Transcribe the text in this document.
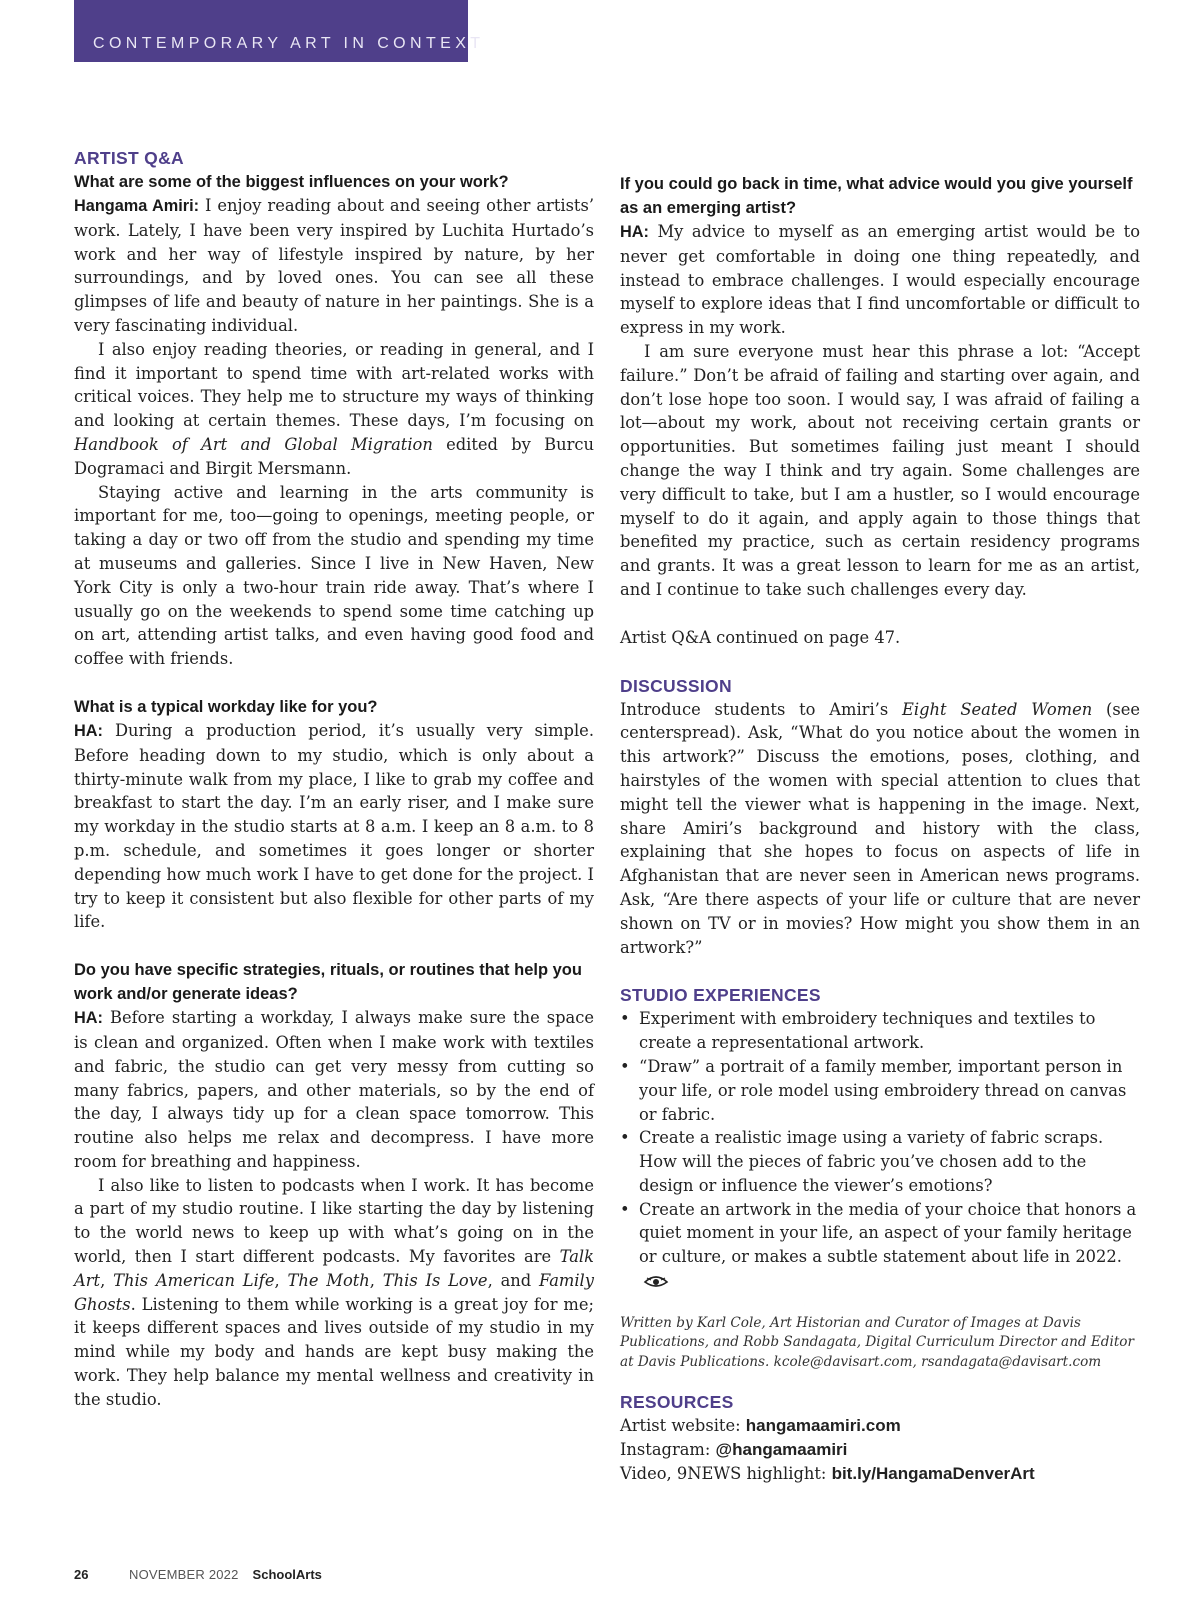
CONTEMPORARY ART IN CONTEXT
ARTIST Q&A
What are some of the biggest influences on your work?

Hangama Amiri: I enjoy reading about and seeing other artists’ work. Lately, I have been very inspired by Luchita Hurtado’s work and her way of lifestyle inspired by nature, by her surroundings, and by loved ones. You can see all these glimpses of life and beauty of nature in her paintings. She is a very fascinating individual.

I also enjoy reading theories, or reading in general, and I find it important to spend time with art-related works with critical voices. They help me to structure my ways of thinking and looking at certain themes. These days, I’m focusing on Handbook of Art and Global Migration edited by Burcu Dogramaci and Birgit Mersmann.

Staying active and learning in the arts community is important for me, too—going to openings, meeting people, or taking a day or two off from the studio and spending my time at museums and galleries. Since I live in New Haven, New York City is only a two-hour train ride away. That’s where I usually go on the weekends to spend some time catching up on art, attending artist talks, and even having good food and coffee with friends.

What is a typical workday like for you?

HA: During a production period, it’s usually very simple. Before heading down to my studio, which is only about a thirty-minute walk from my place, I like to grab my coffee and breakfast to start the day. I’m an early riser, and I make sure my workday in the studio starts at 8 a.m. I keep an 8 a.m. to 8 p.m. schedule, and sometimes it goes longer or shorter depending how much work I have to get done for the project. I try to keep it consistent but also flexible for other parts of my life.

Do you have specific strategies, rituals, or routines that help you work and/or generate ideas?

HA: Before starting a workday, I always make sure the space is clean and organized. Often when I make work with textiles and fabric, the studio can get very messy from cutting so many fabrics, papers, and other materials, so by the end of the day, I always tidy up for a clean space tomorrow. This routine also helps me relax and decompress. I have more room for breathing and happiness.

I also like to listen to podcasts when I work. It has become a part of my studio routine. I like starting the day by listening to the world news to keep up with what’s going on in the world, then I start different podcasts. My favorites are Talk Art, This American Life, The Moth, This Is Love, and Family Ghosts. Listening to them while working is a great joy for me; it keeps different spaces and lives outside of my studio in my mind while my body and hands are kept busy making the work. They help balance my mental wellness and creativity in the studio.

If you could go back in time, what advice would you give yourself as an emerging artist?

HA: My advice to myself as an emerging artist would be to never get comfortable in doing one thing repeatedly, and instead to embrace challenges. I would especially encourage myself to explore ideas that I find uncomfortable or difficult to express in my work.

I am sure everyone must hear this phrase a lot: “Accept failure.” Don’t be afraid of failing and starting over again, and don’t lose hope too soon. I would say, I was afraid of failing a lot—about my work, about not receiving certain grants or opportunities. But sometimes failing just meant I should change the way I think and try again. Some challenges are very difficult to take, but I am a hustler, so I would encourage myself to do it again, and apply again to those things that benefited my practice, such as certain residency programs and grants. It was a great lesson to learn for me as an artist, and I continue to take such challenges every day.

Artist Q&A continued on page 47.

DISCUSSION

Introduce students to Amiri’s Eight Seated Women (see centerspread). Ask, “What do you notice about the women in this artwork?” Discuss the emotions, poses, clothing, and hairstyles of the women with special attention to clues that might tell the viewer what is happening in the image. Next, share Amiri’s background and history with the class, explaining that she hopes to focus on aspects of life in Afghanistan that are never seen in American news programs. Ask, “Are there aspects of your life or culture that are never shown on TV or in movies? How might you show them in an artwork?”

STUDIO EXPERIENCES
• Experiment with embroidery techniques and textiles to create a representational artwork.
• “Draw” a portrait of a family member, important person in your life, or role model using embroidery thread on canvas or fabric.
• Create a realistic image using a variety of fabric scraps. How will the pieces of fabric you’ve chosen add to the design or influence the viewer’s emotions?
• Create an artwork in the media of your choice that honors a quiet moment in your life, an aspect of your family heritage or culture, or makes a subtle statement about life in 2022.
Written by Karl Cole, Art Historian and Curator of Images at Davis Publications, and Robb Sandagata, Digital Curriculum Director and Editor at Davis Publications. kcole@davisart.com, rsandagata@davisart.com
RESOURCES

Artist website: hangamaamiri.com

Instagram: @hangamaamiri

Video, 9NEWS highlight: bit.ly/HangamaDenverArt

26	NOVEMBER 2022 SchoolArts
